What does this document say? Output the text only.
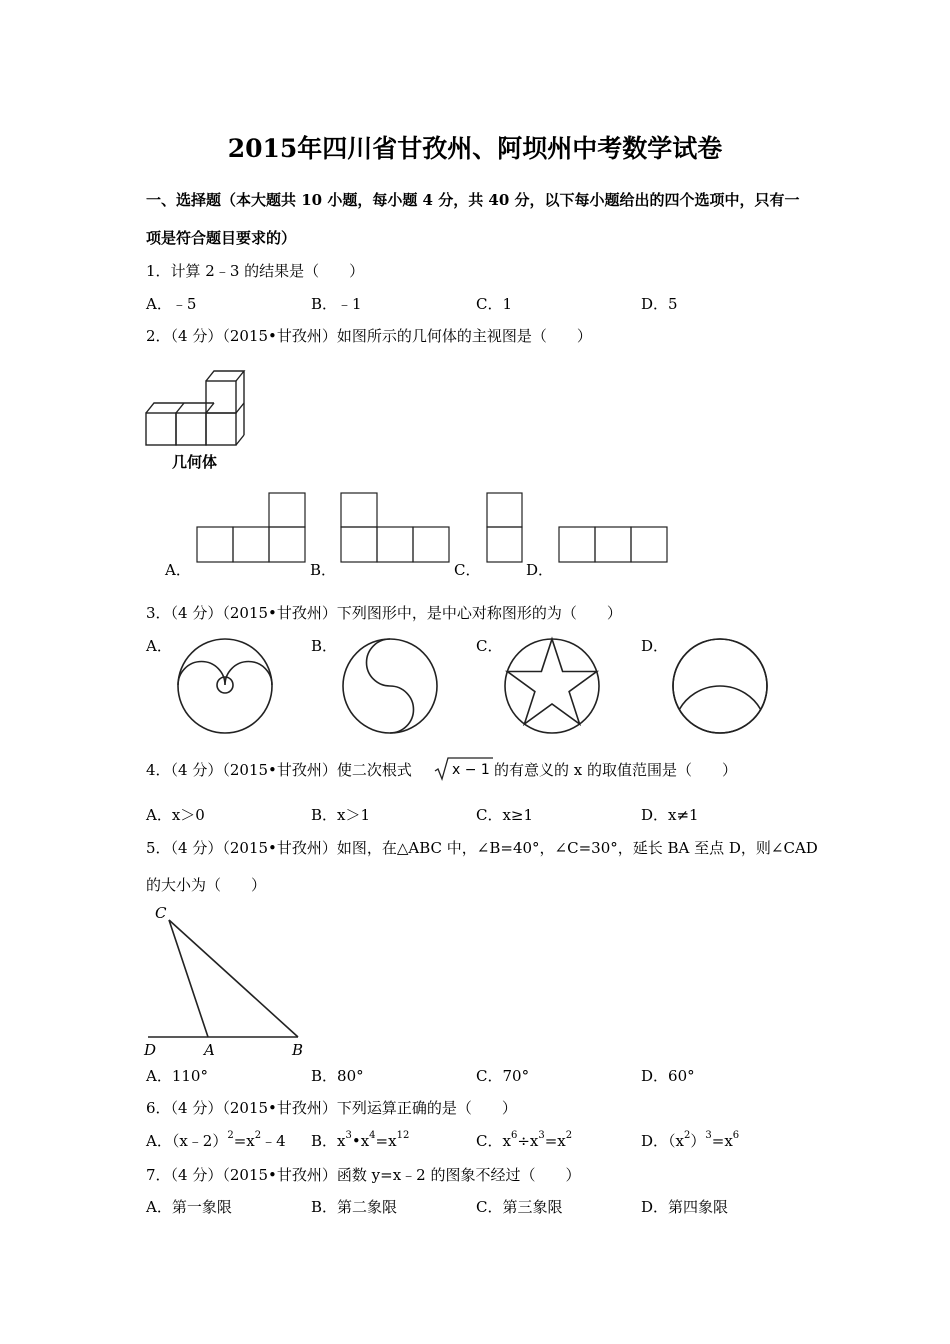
2015年四川省甘孜州、阿坝州中考数学试卷
一、选择题（本大题共 10 小题，每小题 4 分，共 40 分，以下每小题给出的四个选项中，只有一
项是符合题目要求的）
1．计算 2﹣3 的结果是（　　）
A．﹣5	B．﹣1	C．1	D．5
2．（4 分）（2015•甘孜州）如图所示的几何体的主视图是（　　）
几何体
A．	B．	C．	D．
3．（4 分）（2015•甘孜州）下列图形中，是中心对称图形的为（　　）
A．	B．	C．	D．
4．（4 分）（2015•甘孜州）使二次根式	x − 1 的有意义的 x 的取值范围是（　　）
A．x＞0	B．x＞1	C．x≥1	D．x≠1
5．（4 分）（2015•甘孜州）如图，在△ABC 中，∠B=40°，∠C=30°，延长 BA 至点 D，则∠CAD
的大小为（　　）
C
D	A	B
A．110°	B．80°	C．70°	D．60°
6．（4 分）（2015•甘孜州）下列运算正确的是（　　）
A．$(x﹣2)^2=x^2﹣4$ B．$x^3•x^4=x^{12}$	C．$x^6\div x^3=x^2$	D．$(x^2)^3=x^6$
7．（4 分）（2015•甘孜州）函数 y=x﹣2 的图象不经过（　　）
A．第一象限	B．第二象限	C．第三象限	D．第四象限
